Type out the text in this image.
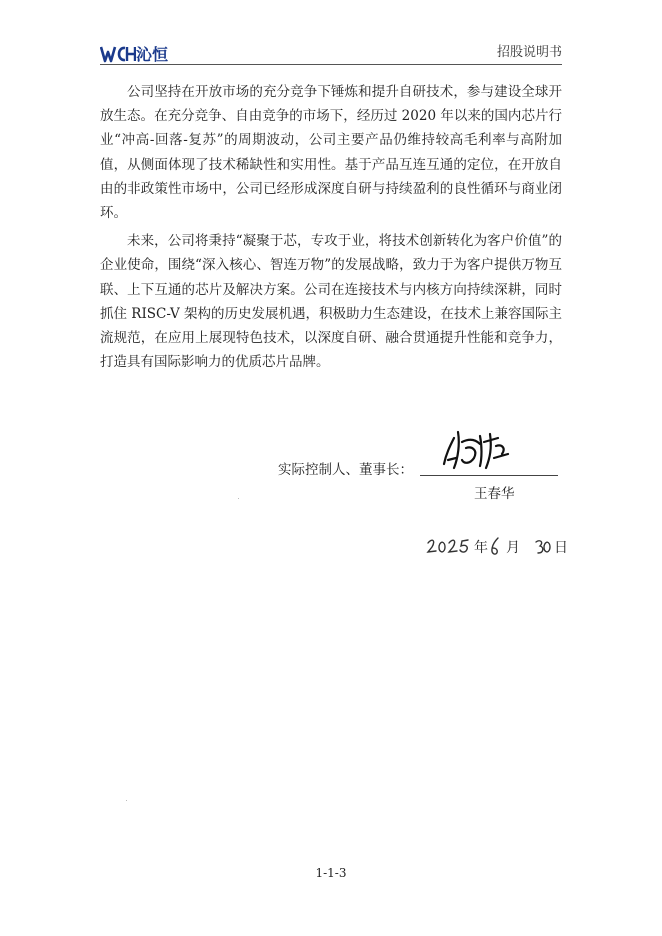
沁恒	招股说明书

公司坚持在开放市场的充分竞争下锤炼和提升自研技术，参与建设全球开放生态。在充分竞争、自由竞争的市场下，经历过 2020 年以来的国内芯片行业“冲高-回落-复苏”的周期波动，公司主要产品仍维持较高毛利率与高附加值，从侧面体现了技术稀缺性和实用性。基于产品互连互通的定位，在开放自由的非政策性市场中，公司已经形成深度自研与持续盈利的良性循环与商业闭环。

未来，公司将秉持“凝聚于芯，专攻于业，将技术创新转化为客户价值”的企业使命，围绕“深入核心、智连万物”的发展战略，致力于为客户提供万物互联、上下互通的芯片及解决方案。公司在连接技术与内核方向持续深耕，同时抓住 RISC-V 架构的历史发展机遇，积极助力生态建设，在技术上兼容国际主流规范，在应用上展现特色技术，以深度自研、融合贯通提升性能和竞争力，打造具有国际影响力的优质芯片品牌。

实际控制人、董事长：
王春华
年 月 日
1-1-3
